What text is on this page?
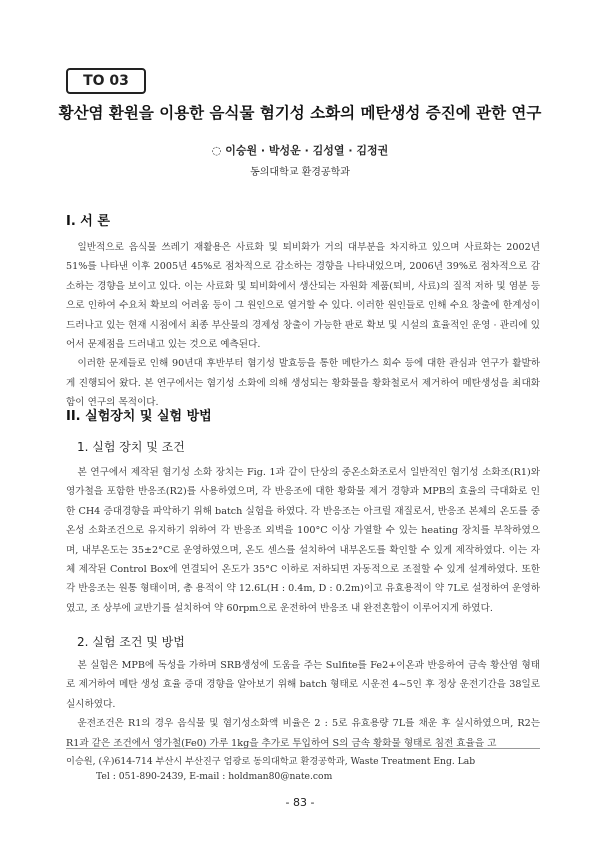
TO 03
황산염 환원을 이용한 음식물 혐기성 소화의 메탄생성 증진에 관한 연구
◌ 이승원 · 박성운 · 김성열 · 김정권
동의대학교 환경공학과
I. 서 론

일반적으로 음식물 쓰레기 재활용은 사료화 및 퇴비화가 거의 대부분을 차지하고 있으며 사료화는 2002년 51%를 나타낸 이후 2005년 45%로 점차적으로 감소하는 경향을 나타내었으며, 2006년 39%로 점차적으로 감소하는 경향을 보이고 있다. 이는 사료화 및 퇴비화에서 생산되는 자원화 제품(퇴비, 사료)의 질적 저하 및 염분 등으로 인하여 수요처 확보의 어려움 등이 그 원인으로 열거할 수 있다. 이러한 원인들로 인해 수요 창출에 한계성이 드러나고 있는 현재 시점에서 최종 부산물의 경제성 창출이 가능한 판로 확보 및 시설의 효율적인 운영 · 관리에 있어서 문제점을 드러내고 있는 것으로 예측된다.

이러한 문제들로 인해 90년대 후반부터 혐기성 발효등을 통한 메탄가스 회수 등에 대한 관심과 연구가 활발하게 진행되어 왔다. 본 연구에서는 혐기성 소화에 의해 생성되는 황화물을 황화철로서 제거하여 메탄생성을 최대화 함이 연구의 목적이다.

II. 실험장치 및 실험 방법
1. 실험 장치 및 조건

본 연구에서 제작된 혐기성 소화 장치는 Fig. 1과 같이 단상의 중온소화조로서 일반적인 혐기성 소화조(R1)와 영가철을 포함한 반응조(R2)를 사용하였으며, 각 반응조에 대한 황화물 제거 경향과 MPB의 효율의 극대화로 인한 CH4 증대경향을 파악하기 위해 batch 실험을 하였다. 각 반응조는 아크릴 재질로서, 반응조 본체의 온도를 중온성 소화조건으로 유지하기 위하여 각 반응조 외벽을 100°C 이상 가열할 수 있는 heating 장치를 부착하였으며, 내부온도는 35±2°C로 운영하였으며, 온도 센스를 설치하여 내부온도를 확인할 수 있게 제작하였다. 이는 자체 제작된 Control Box에 연결되어 온도가 35°C 이하로 저하되면 자동적으로 조절할 수 있게 설계하였다. 또한 각 반응조는 원통 형태이며, 총 용적이 약 12.6L(H : 0.4m, D : 0.2m)이고 유효용적이 약 7L로 설정하여 운영하였고, 조 상부에 교반기를 설치하여 약 60rpm으로 운전하여 반응조 내 완전혼합이 이루어지게 하였다.

2. 실험 조건 및 방법

본 실험은 MPB에 독성을 가하며 SRB생성에 도움을 주는 Sulfite를 Fe2+이온과 반응하여 금속 황산염 형태로 제거하여 메탄 생성 효율 증대 경향을 알아보기 위해 batch 형태로 시운전 4~5인 후 정상 운전기간을 38일로 실시하였다.

운전조건은 R1의 경우 음식물 및 혐기성소화액 비율은 2 : 5로 유효용량 7L를 채운 후 실시하였으며, R2는 R1과 같은 조건에서 영가철(Fe0) 가루 1kg을 추가로 투입하여 S의 금속 황화물 형태로 침전 효율을 고

이승원, (우)614-714 부산시 부산진구 엄광로 동의대학교 환경공학과, Waste Treatment Eng. Lab
Tel : 051-890-2439, E-mail : holdman80@nate.com
- 83 -
